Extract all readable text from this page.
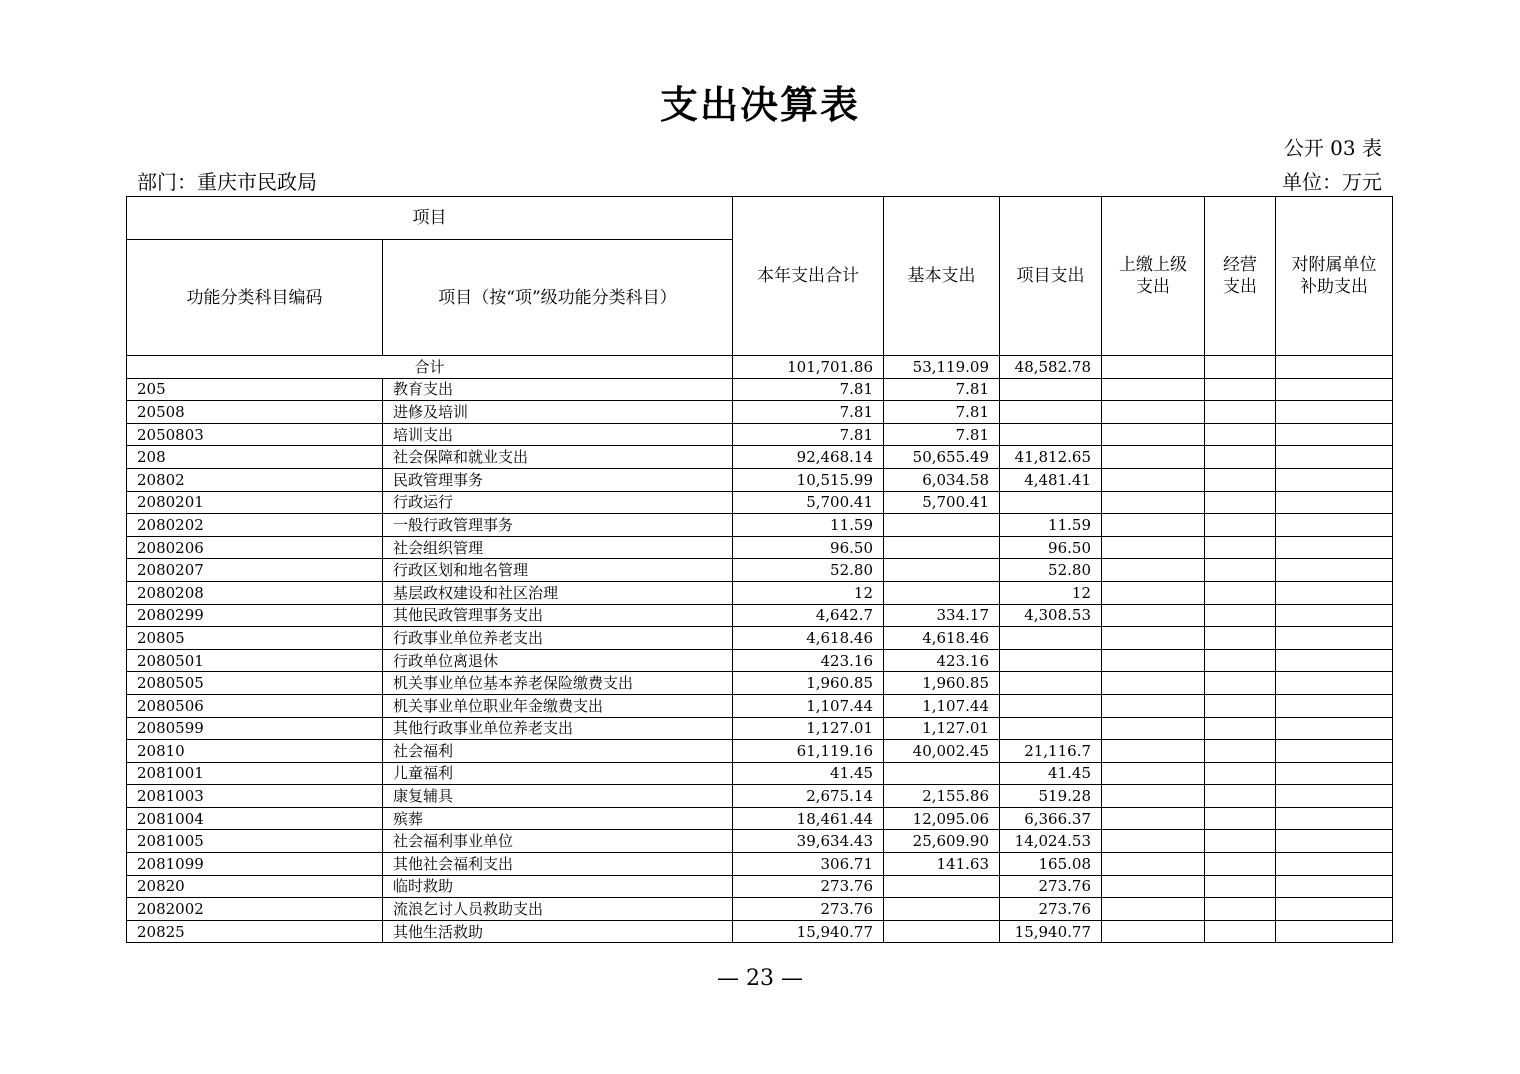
支出决算表
公开 03 表
部门：重庆市民政局	单位：万元
项目		本年支出合计	基本支出	项目支出	上缴上级支出	经营支出	对附属单位补助支出
功能分类科目编码	项目（按“项”级功能分类科目）						
合计		101,701.86	53,119.09	48,582.78			
205	教育支出	7.81	7.81				
20508	进修及培训	7.81	7.81				
2050803	培训支出	7.81	7.81				
208	社会保障和就业支出	92,468.14	50,655.49	41,812.65			
20802	民政管理事务	10,515.99	6,034.58	4,481.41			
2080201	行政运行	5,700.41	5,700.41				
2080202	一般行政管理事务	11.59		11.59			
2080206	社会组织管理	96.50		96.50			
2080207	行政区划和地名管理	52.80		52.80			
2080208	基层政权建设和社区治理	12		12			
2080299	其他民政管理事务支出	4,642.7	334.17	4,308.53			
20805	行政事业单位养老支出	4,618.46	4,618.46				
2080501	行政单位离退休	423.16	423.16				
2080505	机关事业单位基本养老保险缴费支出	1,960.85	1,960.85				
2080506	机关事业单位职业年金缴费支出	1,107.44	1,107.44				
2080599	其他行政事业单位养老支出	1,127.01	1,127.01				
20810	社会福利	61,119.16	40,002.45	21,116.7			
2081001	儿童福利	41.45		41.45			
2081003	康复辅具	2,675.14	2,155.86	519.28			
2081004	殡葬	18,461.44	12,095.06	6,366.37			
2081005	社会福利事业单位	39,634.43	25,609.90	14,024.53			
2081099	其他社会福利支出	306.71	141.63	165.08			
20820	临时救助	273.76		273.76			
2082002	流浪乞讨人员救助支出	273.76		273.76			
20825	其他生活救助	15,940.77		15,940.77			
— 23 —
